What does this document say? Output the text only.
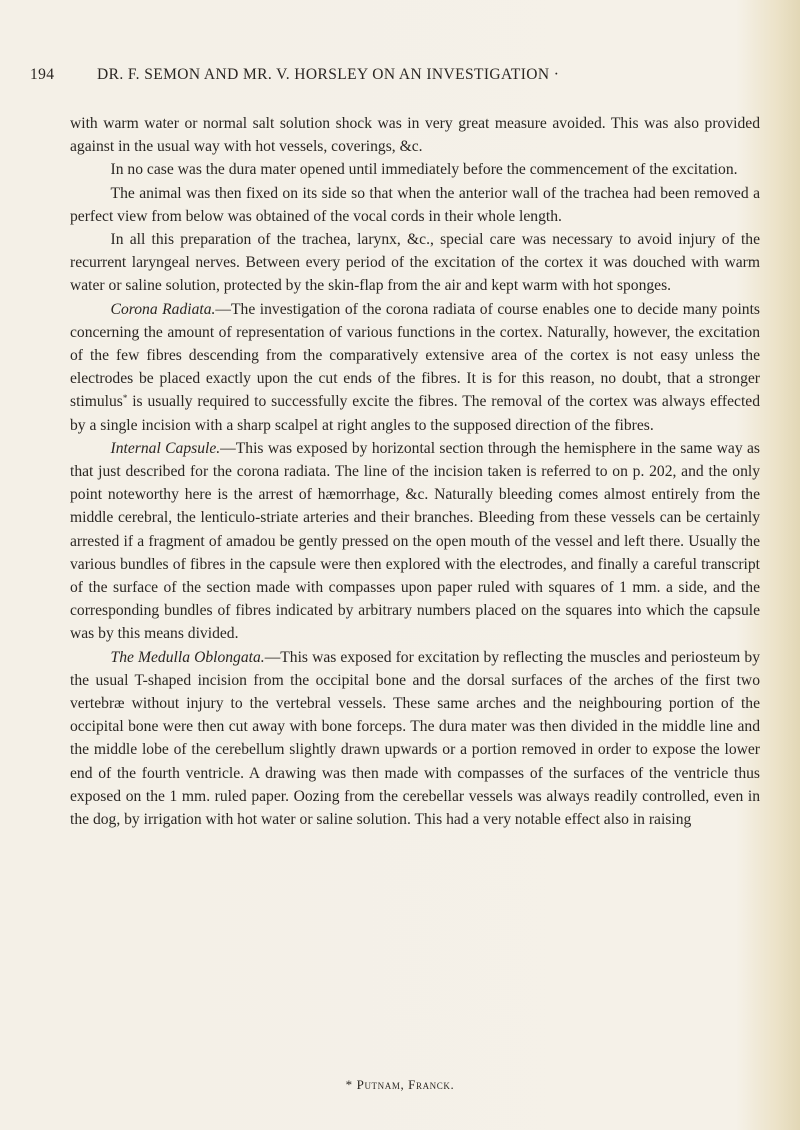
194	DR. F. SEMON AND MR. V. HORSLEY ON AN INVESTIGATION ·

with warm water or normal salt solution shock was in very great measure avoided. This was also provided against in the usual way with hot vessels, coverings, &c.

In no case was the dura mater opened until immediately before the commencement of the excitation.

The animal was then fixed on its side so that when the anterior wall of the trachea had been removed a perfect view from below was obtained of the vocal cords in their whole length.

In all this preparation of the trachea, larynx, &c., special care was necessary to avoid injury of the recurrent laryngeal nerves. Between every period of the excitation of the cortex it was douched with warm water or saline solution, protected by the skin-flap from the air and kept warm with hot sponges.

Corona Radiata.—The investigation of the corona radiata of course enables one to decide many points concerning the amount of representation of various functions in the cortex. Naturally, however, the excitation of the few fibres descending from the comparatively extensive area of the cortex is not easy unless the electrodes be placed exactly upon the cut ends of the fibres. It is for this reason, no doubt, that a stronger stimulus* is usually required to successfully excite the fibres. The removal of the cortex was always effected by a single incision with a sharp scalpel at right angles to the supposed direction of the fibres.

Internal Capsule.—This was exposed by horizontal section through the hemisphere in the same way as that just described for the corona radiata. The line of the incision taken is referred to on p. 202, and the only point noteworthy here is the arrest of hæmorrhage, &c. Naturally bleeding comes almost entirely from the middle cerebral, the lenticulo-striate arteries and their branches. Bleeding from these vessels can be certainly arrested if a fragment of amadou be gently pressed on the open mouth of the vessel and left there. Usually the various bundles of fibres in the capsule were then explored with the electrodes, and finally a careful transcript of the surface of the section made with compasses upon paper ruled with squares of 1 mm. a side, and the corresponding bundles of fibres indicated by arbitrary numbers placed on the squares into which the capsule was by this means divided.

The Medulla Oblongata.—This was exposed for excitation by reflecting the muscles and periosteum by the usual T-shaped incision from the occipital bone and the dorsal surfaces of the arches of the first two vertebræ without injury to the vertebral vessels. These same arches and the neighbouring portion of the occipital bone were then cut away with bone forceps. The dura mater was then divided in the middle line and the middle lobe of the cerebellum slightly drawn upwards or a portion removed in order to expose the lower end of the fourth ventricle. A drawing was then made with compasses of the surfaces of the ventricle thus exposed on the 1 mm. ruled paper. Oozing from the cerebellar vessels was always readily controlled, even in the dog, by irrigation with hot water or saline solution. This had a very notable effect also in raising

* Putnam, Franck.
